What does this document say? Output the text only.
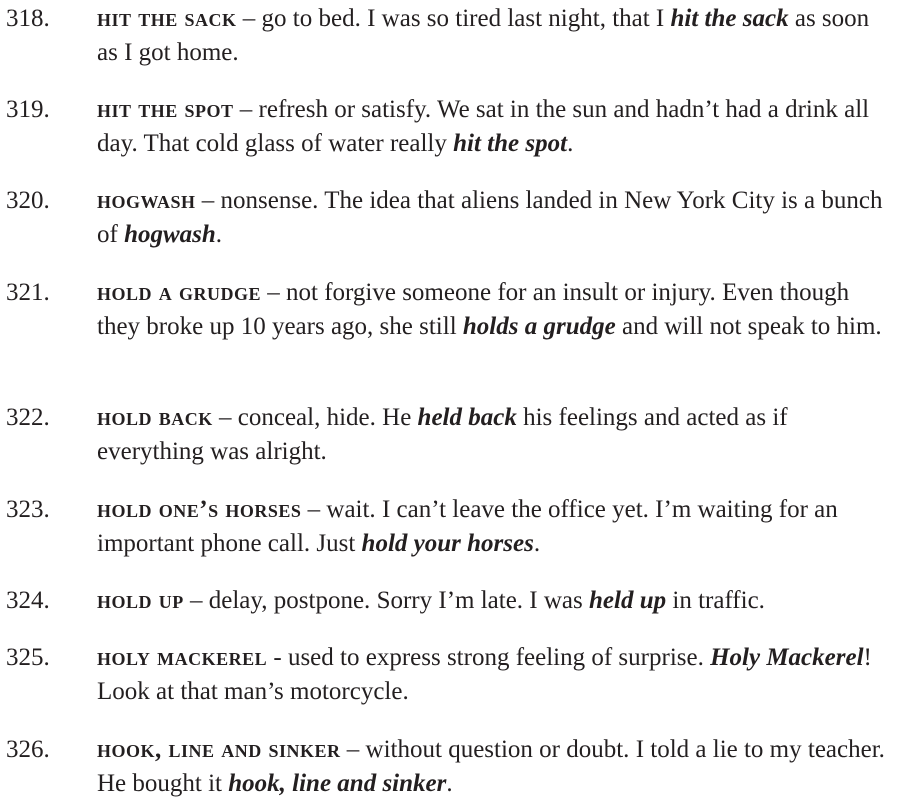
318. hit the sack – go to bed. I was so tired last night, that I hit the sack as soon as I got home.
319. hit the spot – refresh or satisfy. We sat in the sun and hadn’t had a drink all day. That cold glass of water really hit the spot.
320. hogwash – nonsense. The idea that aliens landed in New York City is a bunch of hogwash.
321. hold a grudge – not forgive someone for an insult or injury. Even though they broke up 10 years ago, she still holds a grudge and will not speak to him.
322. hold back – conceal, hide. He held back his feelings and acted as if everything was alright.
323. hold one’s horses – wait. I can’t leave the office yet. I’m waiting for an important phone call. Just hold your horses.
324. hold up – delay, postpone. Sorry I’m late. I was held up in traffic.
325. holy mackerel - used to express strong feeling of surprise. Holy Mackerel! Look at that man’s motorcycle.
326. hook, line and sinker – without question or doubt. I told a lie to my teacher. He bought it hook, line and sinker.
